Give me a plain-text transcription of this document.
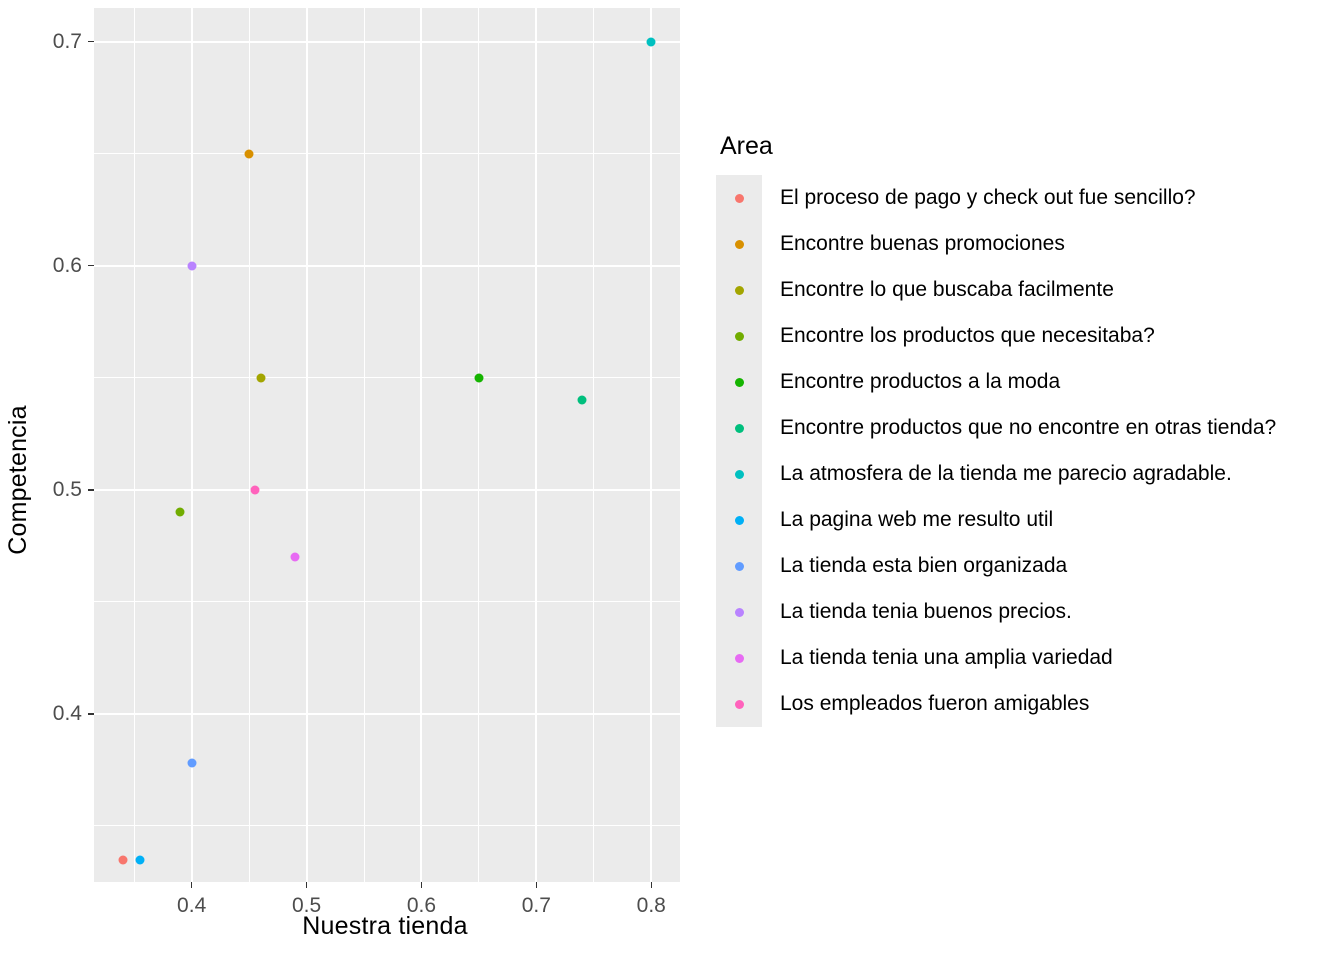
Competencia
Nuestra tienda
0.4
0.5
0.6
0.7
0.4	0.5	0.6	0.7	0.8
Area
El proceso de pago y check out fue sencillo?
Encontre buenas promociones
Encontre lo que buscaba facilmente
Encontre los productos que necesitaba?
Encontre productos a la moda
Encontre productos que no encontre en otras tienda?
La atmosfera de la tienda me parecio agradable.
La pagina web me resulto util
La tienda esta bien organizada
La tienda tenia buenos precios.
La tienda tenia una amplia variedad
Los empleados fueron amigables
